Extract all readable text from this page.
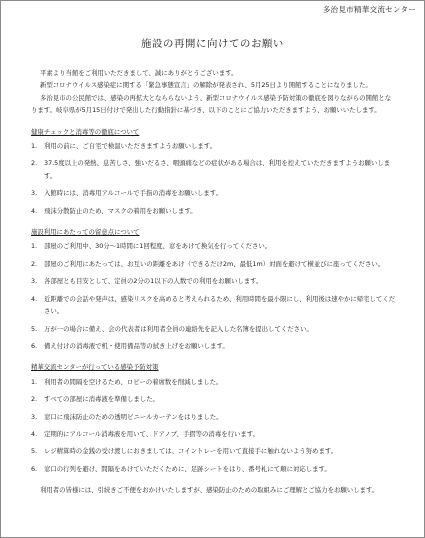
多治見市精華交流センター
施設の再開に向けてのお願い

平素より当館をご利用いただきまして、誠にありがとうございます。

新型コロナウイルス感染症に関する「緊急事態宣言」の解除が発表され、5月25日より開館することになりました。

多治見市の公民館では、感染の再拡大となららないよう、新型コロナウイルス感染予防対策の徹底を図りながらの開館となります。岐阜県が5月15日付けで発出した行動指針に基づき、以下のことにご協力いただきますよう、お願いいたします。

健康チェックと消毒等の徹底について
1.	利用の前に、ご自宅で検温いただきますようお願いします。
2.	37.5度以上の発熱、息苦しさ、強いだるさ、咽頭痛などの症状がある場合は、利用を控えていただきますようお願いします。
3.	入館時には、消毒用アルコールで手指の消毒をお願いします。
4.	飛沫分散防止のため、マスクの着用をお願いします。
施設利用にあたっての留意点について
1.	部屋のご利用中、30分～1時間に1回程度、窓をあけて換気を行ってください。
2.	部屋のご利用にあたっては、お互いの距離をあけ（できるだけ2m、最低1m）対面を避けて横並びに座ってください。
3.	各部屋とも目安として、定員の2分の1以下の人数での利用をお願いします。
4.	近距離での会話や発声は、感染リスクを高めると考えられるため、利用時間を最小限にし、利用後は速やかに帰宅してください。
5.	万が一の場合に備え、会の代表者は利用者全員の連絡先を記入した名簿を提出してください。
6.	備え付けの消毒液で机・使用備品等の拭き上げをお願いします。
精華交流センターが行っている感染予防対策
1.	利用者の間隔を空けるため、ロビーの着席数を削減しました。
2.	すべての部屋に消毒液を準備しました。
3.	窓口に飛沫防止のための透明ビニールカーテンをはりました。
4.	定期的にアルコール消毒液を用いて、ドアノブ、手摺等の消毒を行います。
5.	レジ精算時の金銭の受け渡しにおきましては、コイントレーを用いて直接手に触れないよう努めます。
6.	窓口の行列を避け、間隔をあけていただくために、足跡シートをはり、番号札にて順に対応します。

利用者の皆様には、引続きご不便をおかけいたしますが、感染防止のための取組みにご理解とご協力をお願いします。
